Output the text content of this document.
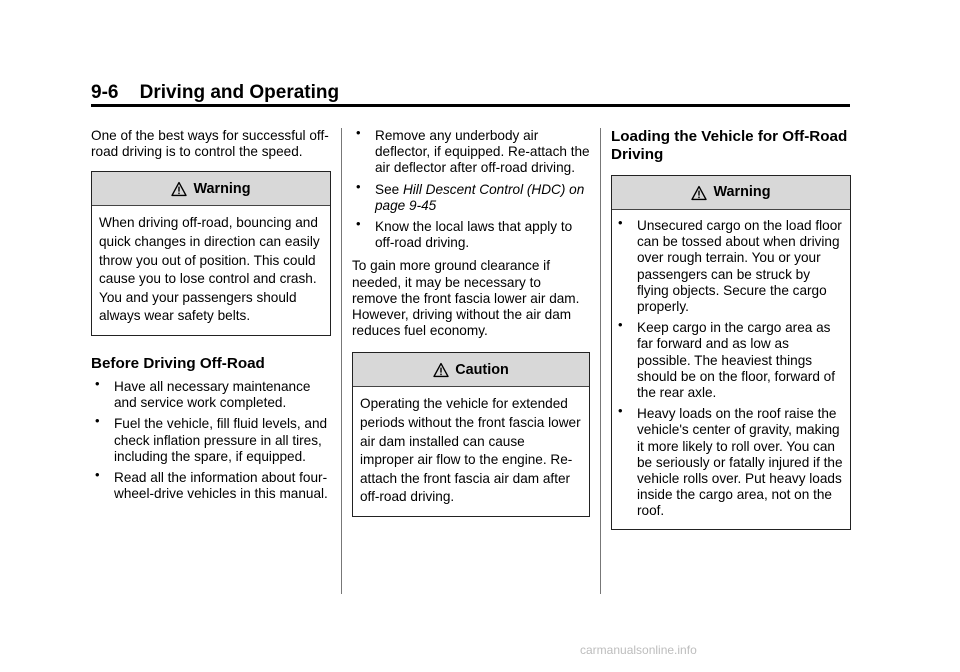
9-6 Driving and Operating

One of the best ways for successful off-road driving is to control the speed.

Warning
When driving off-road, bouncing and quick changes in direction can easily throw you out of position. This could cause you to lose control and crash. You and your passengers should always wear safety belts.
Before Driving Off-Road
• Have all necessary maintenance and service work completed.
• Fuel the vehicle, fill fluid levels, and check inflation pressure in all tires, including the spare, if equipped.
• Read all the information about four-wheel-drive vehicles in this manual.
• Remove any underbody air deflector, if equipped. Re-attach the air deflector after off-road driving.
• See Hill Descent Control (HDC) on page 9-45
• Know the local laws that apply to off-road driving.

To gain more ground clearance if needed, it may be necessary to remove the front fascia lower air dam. However, driving without the air dam reduces fuel economy.

Caution
Operating the vehicle for extended periods without the front fascia lower air dam installed can cause improper air flow to the engine. Re-attach the front fascia air dam after off-road driving.
Loading the Vehicle for Off-Road Driving
Warning
• Unsecured cargo on the load floor can be tossed about when driving over rough terrain. You or your passengers can be struck by flying objects. Secure the cargo properly.
• Keep cargo in the cargo area as far forward and as low as possible. The heaviest things should be on the floor, forward of the rear axle.
• Heavy loads on the roof raise the vehicle's center of gravity, making it more likely to roll over. You can be seriously or fatally injured if the vehicle rolls over. Put heavy loads inside the cargo area, not on the roof.
carmanualsonline.info
